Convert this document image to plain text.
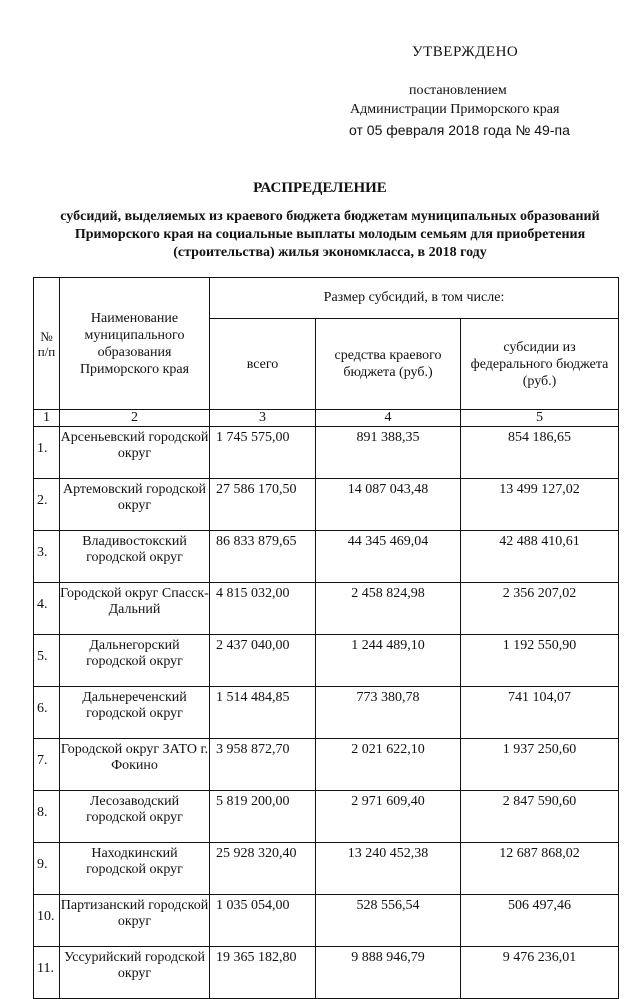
УТВЕРЖДЕНО
постановлением
Администрации Приморского края
от 05 февраля 2018 года № 49-па
РАСПРЕДЕЛЕНИЕ
субсидий, выделяемых из краевого бюджета бюджетам муниципальных образований Приморского края на социальные выплаты молодым семьям для приобретения (строительства) жилья экономкласса, в 2018 году
№ п/п	Наименование муниципального образования Приморского края	Размер субсидий, в том числе:		
		всего	средства краевого бюджета (руб.)	субсидии из федерального бюджета (руб.)
1	2	3	4	5
1.	Арсеньевский городской округ	1 745 575,00	891 388,35	854 186,65
2.	Артемовский городской округ	27 586 170,50	14 087 043,48	13 499 127,02
3.	Владивостокский городской округ	86 833 879,65	44 345 469,04	42 488 410,61
4.	Городской округ Спасск-Дальний	4 815 032,00	2 458 824,98	2 356 207,02
5.	Дальнегорский городской округ	2 437 040,00	1 244 489,10	1 192 550,90
6.	Дальнереченский городской округ	1 514 484,85	773 380,78	741 104,07
7.	Городской округ ЗАТО г. Фокино	3 958 872,70	2 021 622,10	1 937 250,60
8.	Лесозаводский городской округ	5 819 200,00	2 971 609,40	2 847 590,60
9.	Находкинский городской округ	25 928 320,40	13 240 452,38	12 687 868,02
10.	Партизанский городской округ	1 035 054,00	528 556,54	506 497,46
11.	Уссурийский городской округ	19 365 182,80	9 888 946,79	9 476 236,01
